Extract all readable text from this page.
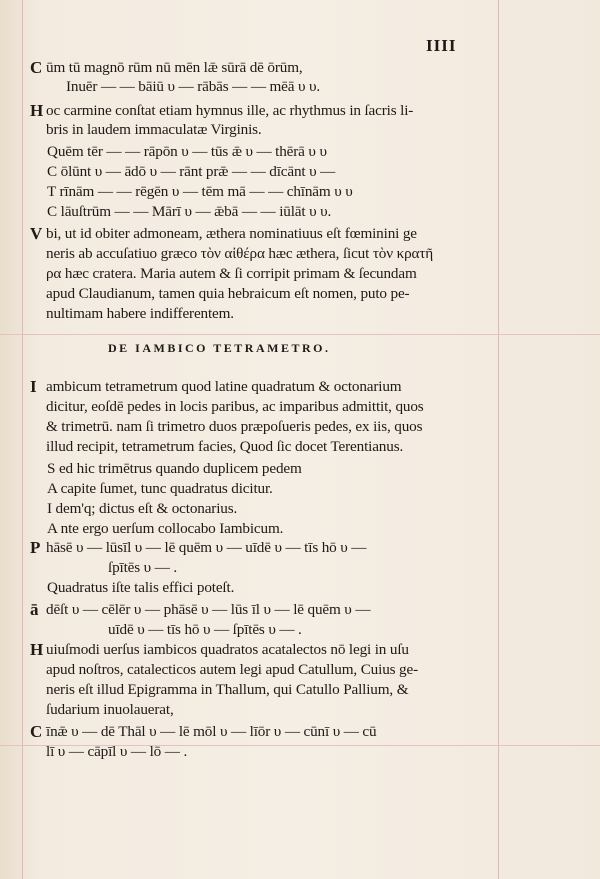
IIII
C ūm tū magnō rūm nū mēn lǣ sūrā dē ōrūm,
Inuēr — — bāiū υ — rābās — — mēā υ υ.
H oc carmine conſtat etiam hymnus ille, ac rhythmus in ſacris li-
bris in laudem immaculatæ Virginis.
Quēm tēr — — rāpōn υ — tūs ǣ υ — thērā υ υ
C ōlūnt υ — ādō υ — rānt prǣ — — dīcānt υ —
T rīnām — — rēgēn υ — tēm mā — — chīnām υ υ
C lāuſtrūm — — Mārī υ — ǣbā — — iūlāt υ υ.
V bi, ut id obiter admoneam, æthera nominatiuus eſt fœminini ge
neris ab accuſatiuo græco τὸν αἰθέρα hæc æthera, ſicut τὸν κρατῆ
ρα hæc cratera. Maria autem & ſi corripit primam & ſecundam
apud Claudianum, tamen quia hebraicum eſt nomen, puto pe-
nultimam habere indifferentem.
DE IAMBICO TETRAMETRO.
I ambicum tetrametrum quod latine quadratum & octonarium
dicitur, eoſdē pedes in locis paribus, ac imparibus admittit, quos
& trimetrū. nam ſi trimetro duos præpoſueris pedes, ex iis, quos
illud recipit, tetrametrum facies, Quod ſic docet Terentianus.
S ed hic trimētrus quando duplicem pedem
A capite ſumet, tunc quadratus dicitur.
I dem'q; dictus eſt & octonarius.
A nte ergo uerſum collocabo Iambicum.
P hāsē υ — lūsīl υ — lē quēm υ — uīdē υ — tīs hō υ —
ſpītēs υ — .
Quadratus iſte talis effici poteſt.
ā dēſt υ — cēlēr υ — phāsē υ — lūs īl υ — lē quēm υ —
uīdē υ — tīs hō υ — ſpītēs υ — .
H uiuſmodi uerſus iambicos quadratos acatalectos nō legi in uſu
apud noſtros, catalecticos autem legi apud Catullum, Cuius ge-
neris eſt illud Epigramma in Thallum, qui Catullo Pallium, &
ſudarium inuolauerat,
C īnǣ υ — dē Thāl υ — lē mōl υ — līōr υ — cūnī υ — cū
lī υ — cāpīl υ — lō — .
